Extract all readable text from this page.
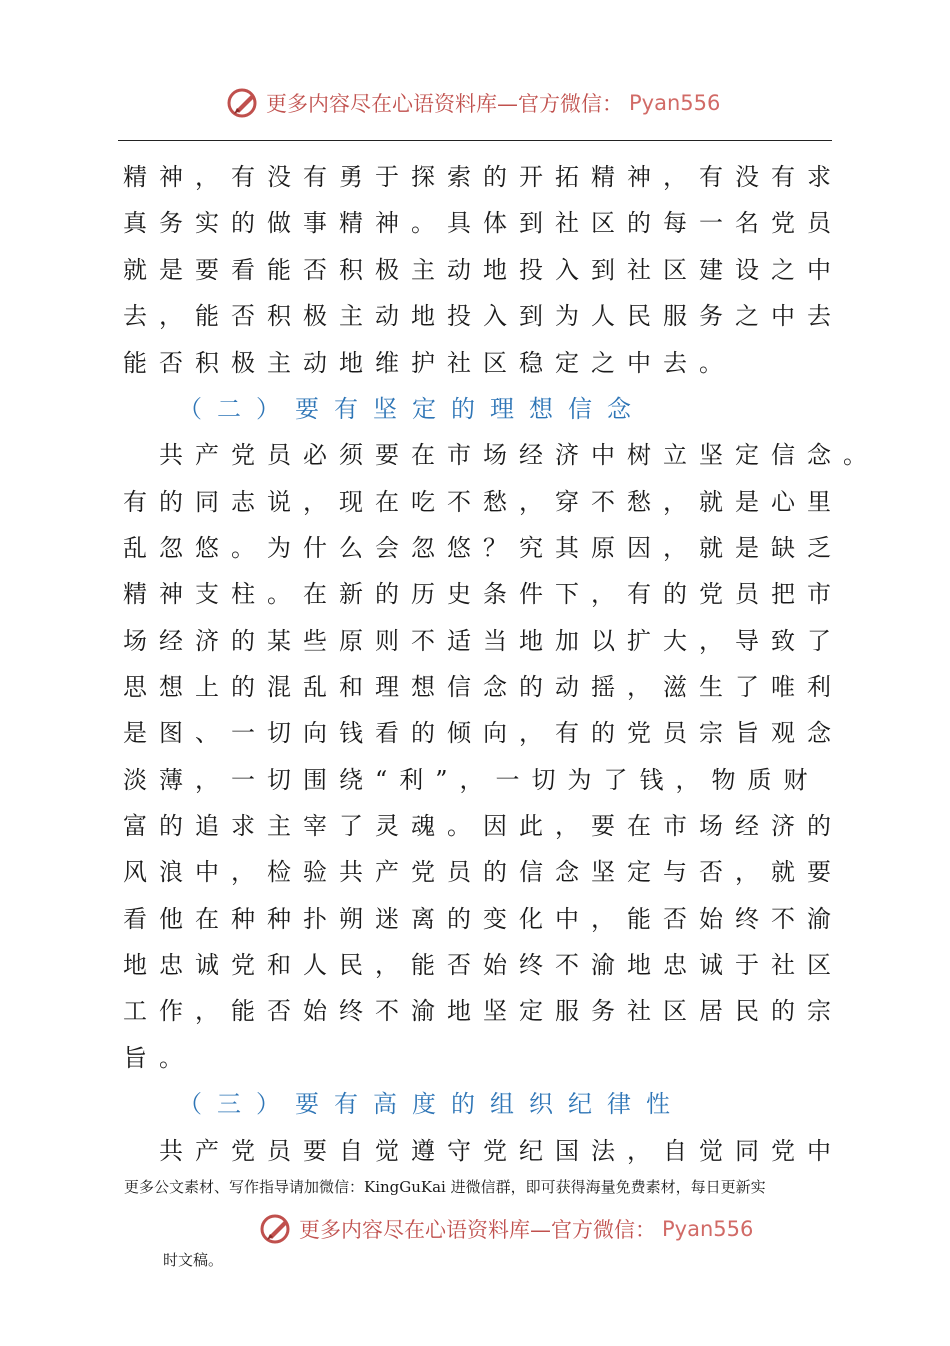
更多内容尽在心语资料库—官方微信： Pyan556
精神，有没有勇于探索的开拓精神，有没有求
真务实的做事精神。具体到社区的每一名党员
就是要看能否积极主动地投入到社区建设之中
去，能否积极主动地投入到为人民服务之中去
能否积极主动地维护社区稳定之中去。
（二）要有坚定的理想信念
　共产党员必须要在市场经济中树立坚定信念。
有的同志说，现在吃不愁，穿不愁，就是心里
乱忽悠。为什么会忽悠？究其原因，就是缺乏
精神支柱。在新的历史条件下，有的党员把市
场经济的某些原则不适当地加以扩大，导致了
思想上的混乱和理想信念的动摇，滋生了唯利
是图、一切向钱看的倾向，有的党员宗旨观念
淡薄，一切围绕“利”，一切为了钱，物质财
富的追求主宰了灵魂。因此，要在市场经济的
风浪中，检验共产党员的信念坚定与否，就要
看他在种种扑朔迷离的变化中，能否始终不渝
地忠诚党和人民，能否始终不渝地忠诚于社区
工作，能否始终不渝地坚定服务社区居民的宗
旨。
（三）要有高度的组织纪律性
　共产党员要自觉遵守党纪国法，自觉同党中
更多公文素材、写作指导请加微信：KingGuKai 进微信群，即可获得海量免费素材，每日更新实
更多内容尽在心语资料库—官方微信： Pyan556
时文稿。
